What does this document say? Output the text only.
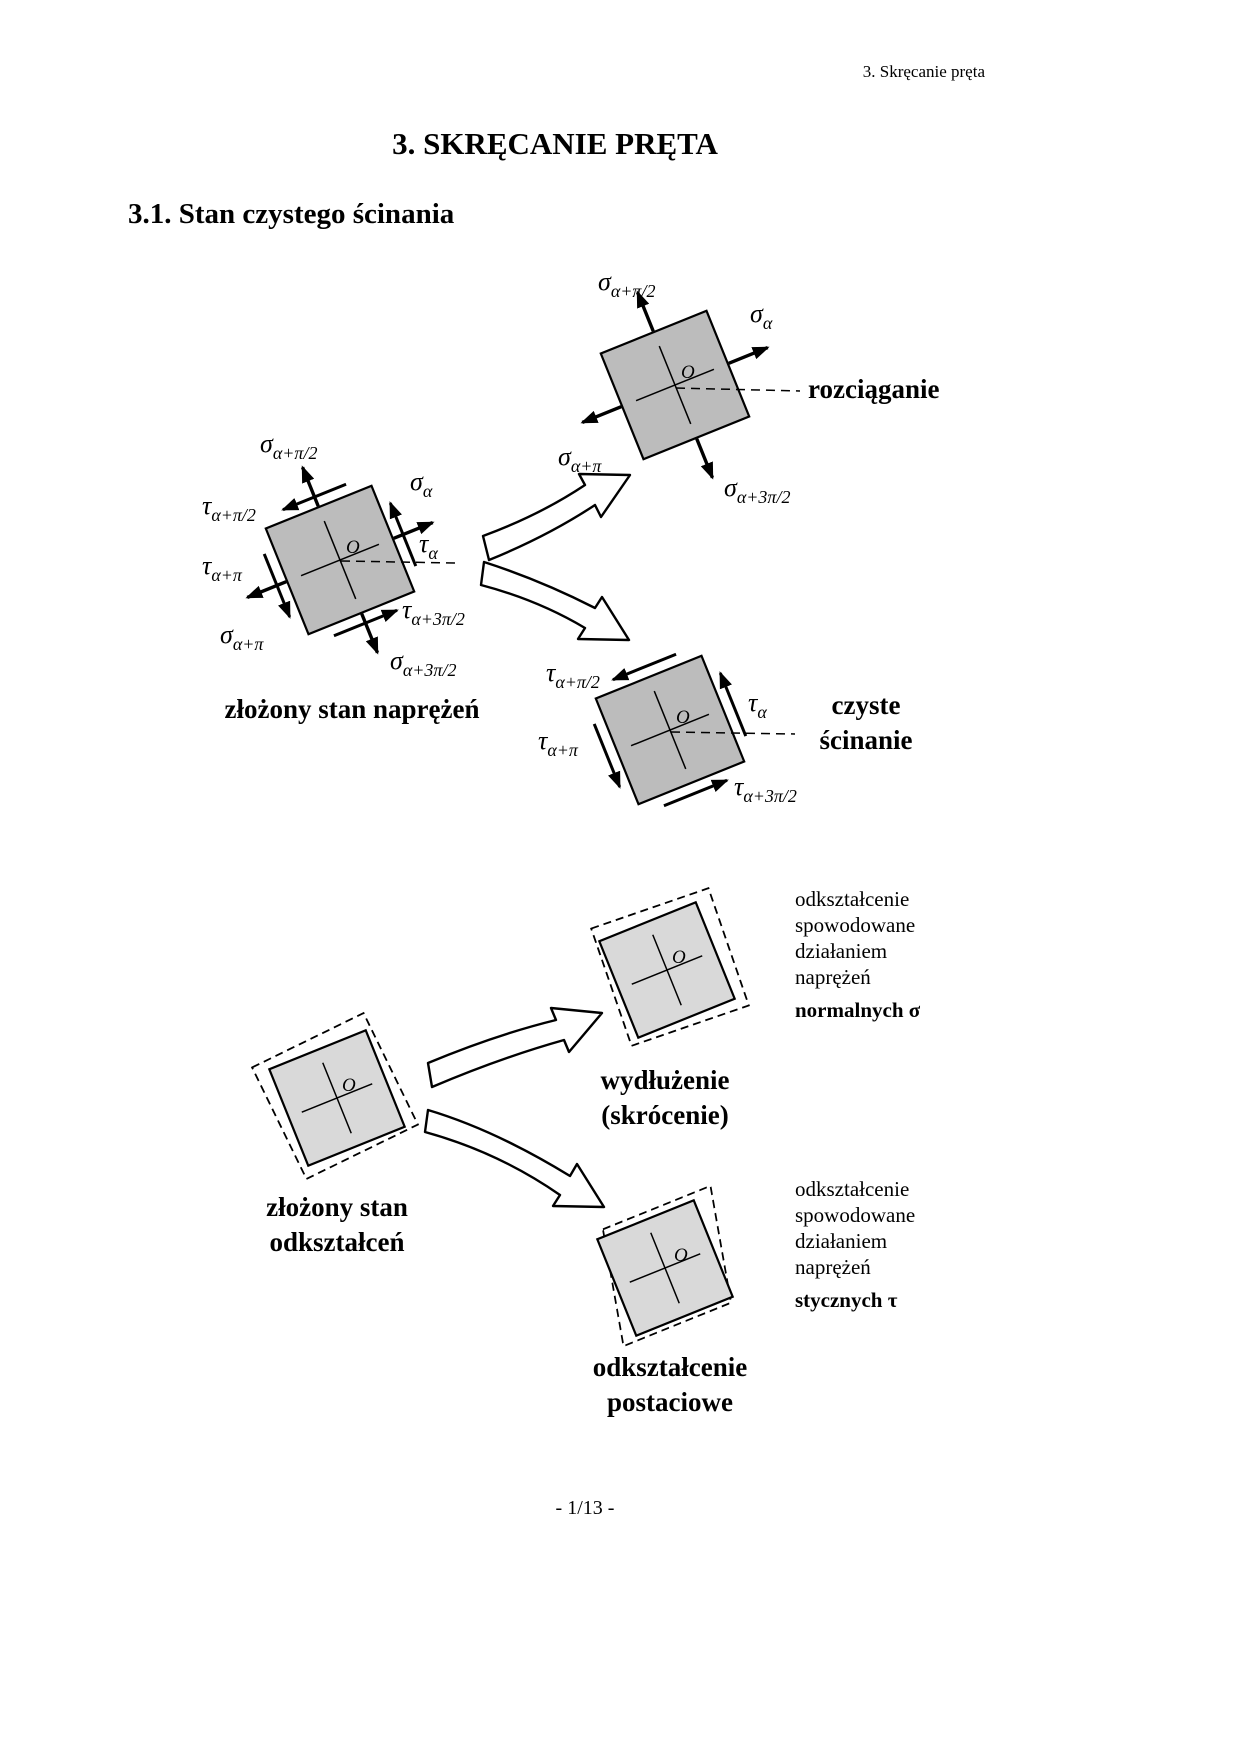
O
$\sigma_{\alpha+\pi/2}$
$\sigma_\alpha$
$\sigma_{\alpha+\pi}$
$\sigma_{\alpha+3\pi/2}$
O
$\sigma_{\alpha+\pi/2}$
$\tau_{\alpha+\pi/2}$
$\sigma_\alpha$
$\tau_\alpha$
$\tau_{\alpha+\pi}$
$\sigma_{\alpha+\pi}$
$\tau_{\alpha+3\pi/2}$
$\sigma_{\alpha+3\pi/2}$
O
$\tau_{\alpha+\pi/2}$
$\tau_\alpha$
$\tau_{\alpha+\pi}$
$\tau_{\alpha+3\pi/2}$
O
O
O
3. Skręcanie pręta
3. SKRĘCANIE PRĘTA
3.1. Stan czystego ścinania
rozciąganie
złożony stan naprężeń	czyste
ścinanie
odkształcenie
spowodowane
działaniem
naprężeń
normalnych σ
wydłużenie
(skrócenie)
złożony stan
odkształceń
odkształcenie
spowodowane
działaniem
naprężeń
stycznych τ
odkształcenie
postaciowe
- 1/13 -
